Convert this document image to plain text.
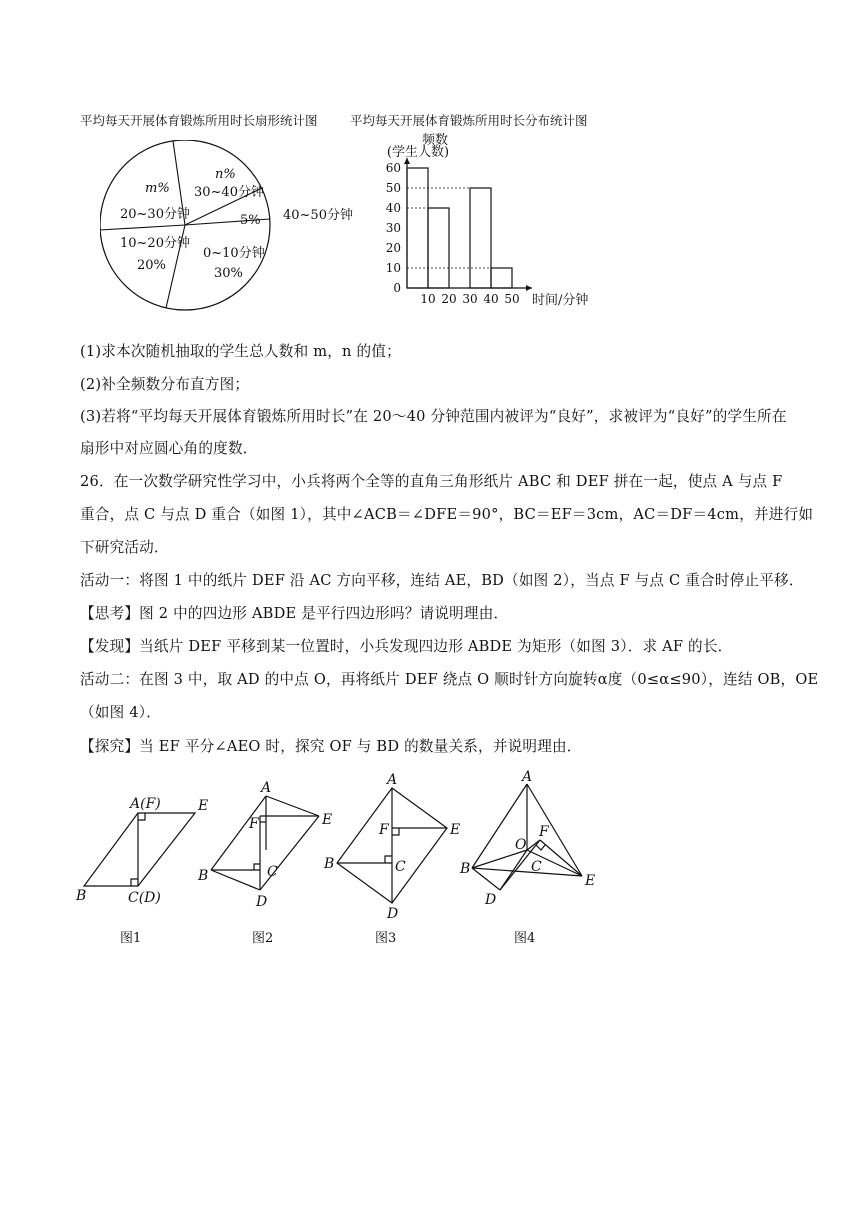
平均每天开展体育锻炼所用时长扇形统计图	平均每天开展体育锻炼所用时长分布统计图
m%
20~30分钟
n%
30~40分钟
5% 40~50分钟
10~20分钟
20%
0~10分钟
30%
0
10
20
30
40
50
60
10 20 30 40 50
频数
(学生人数)
时间/分钟
(1)求本次随机抽取的学生总人数和 m，n 的值；
(2)补全频数分布直方图；
(3)若将“平均每天开展体育锻炼所用时长”在 20～40 分钟范围内被评为“良好”，求被评为“良好”的学生所在
扇形中对应圆心角的度数．
26．在一次数学研究性学习中，小兵将两个全等的直角三角形纸片 ABC 和 DEF 拼在一起，使点 A 与点 F
重合，点 C 与点 D 重合（如图 1），其中∠ACB＝∠DFE＝90°，BC＝EF＝3cm，AC＝DF＝4cm，并进行如
下研究活动．
活动一：将图 1 中的纸片 DEF 沿 AC 方向平移，连结 AE，BD（如图 2），当点 F 与点 C 重合时停止平移．
【思考】图 2 中的四边形 ABDE 是平行四边形吗？请说明理由．
【发现】当纸片 DEF 平移到某一位置时，小兵发现四边形 ABDE 为矩形（如图 3）．求 AF 的长．
活动二：在图 3 中，取 AD 的中点 O，再将纸片 DEF 绕点 O 顺时针方向旋转α度（0≤α≤90），连结 OB，OE
（如图 4）．
【探究】当 EF 平分∠AEO 时，探究 OF 与 BD 的数量关系，并说明理由．
A(F)	E
B	C(D)
图1
A
F	E
B	C
D
图2
A
F	E
B	C
D
图3
A
F
O
C
B
E
D
图4
